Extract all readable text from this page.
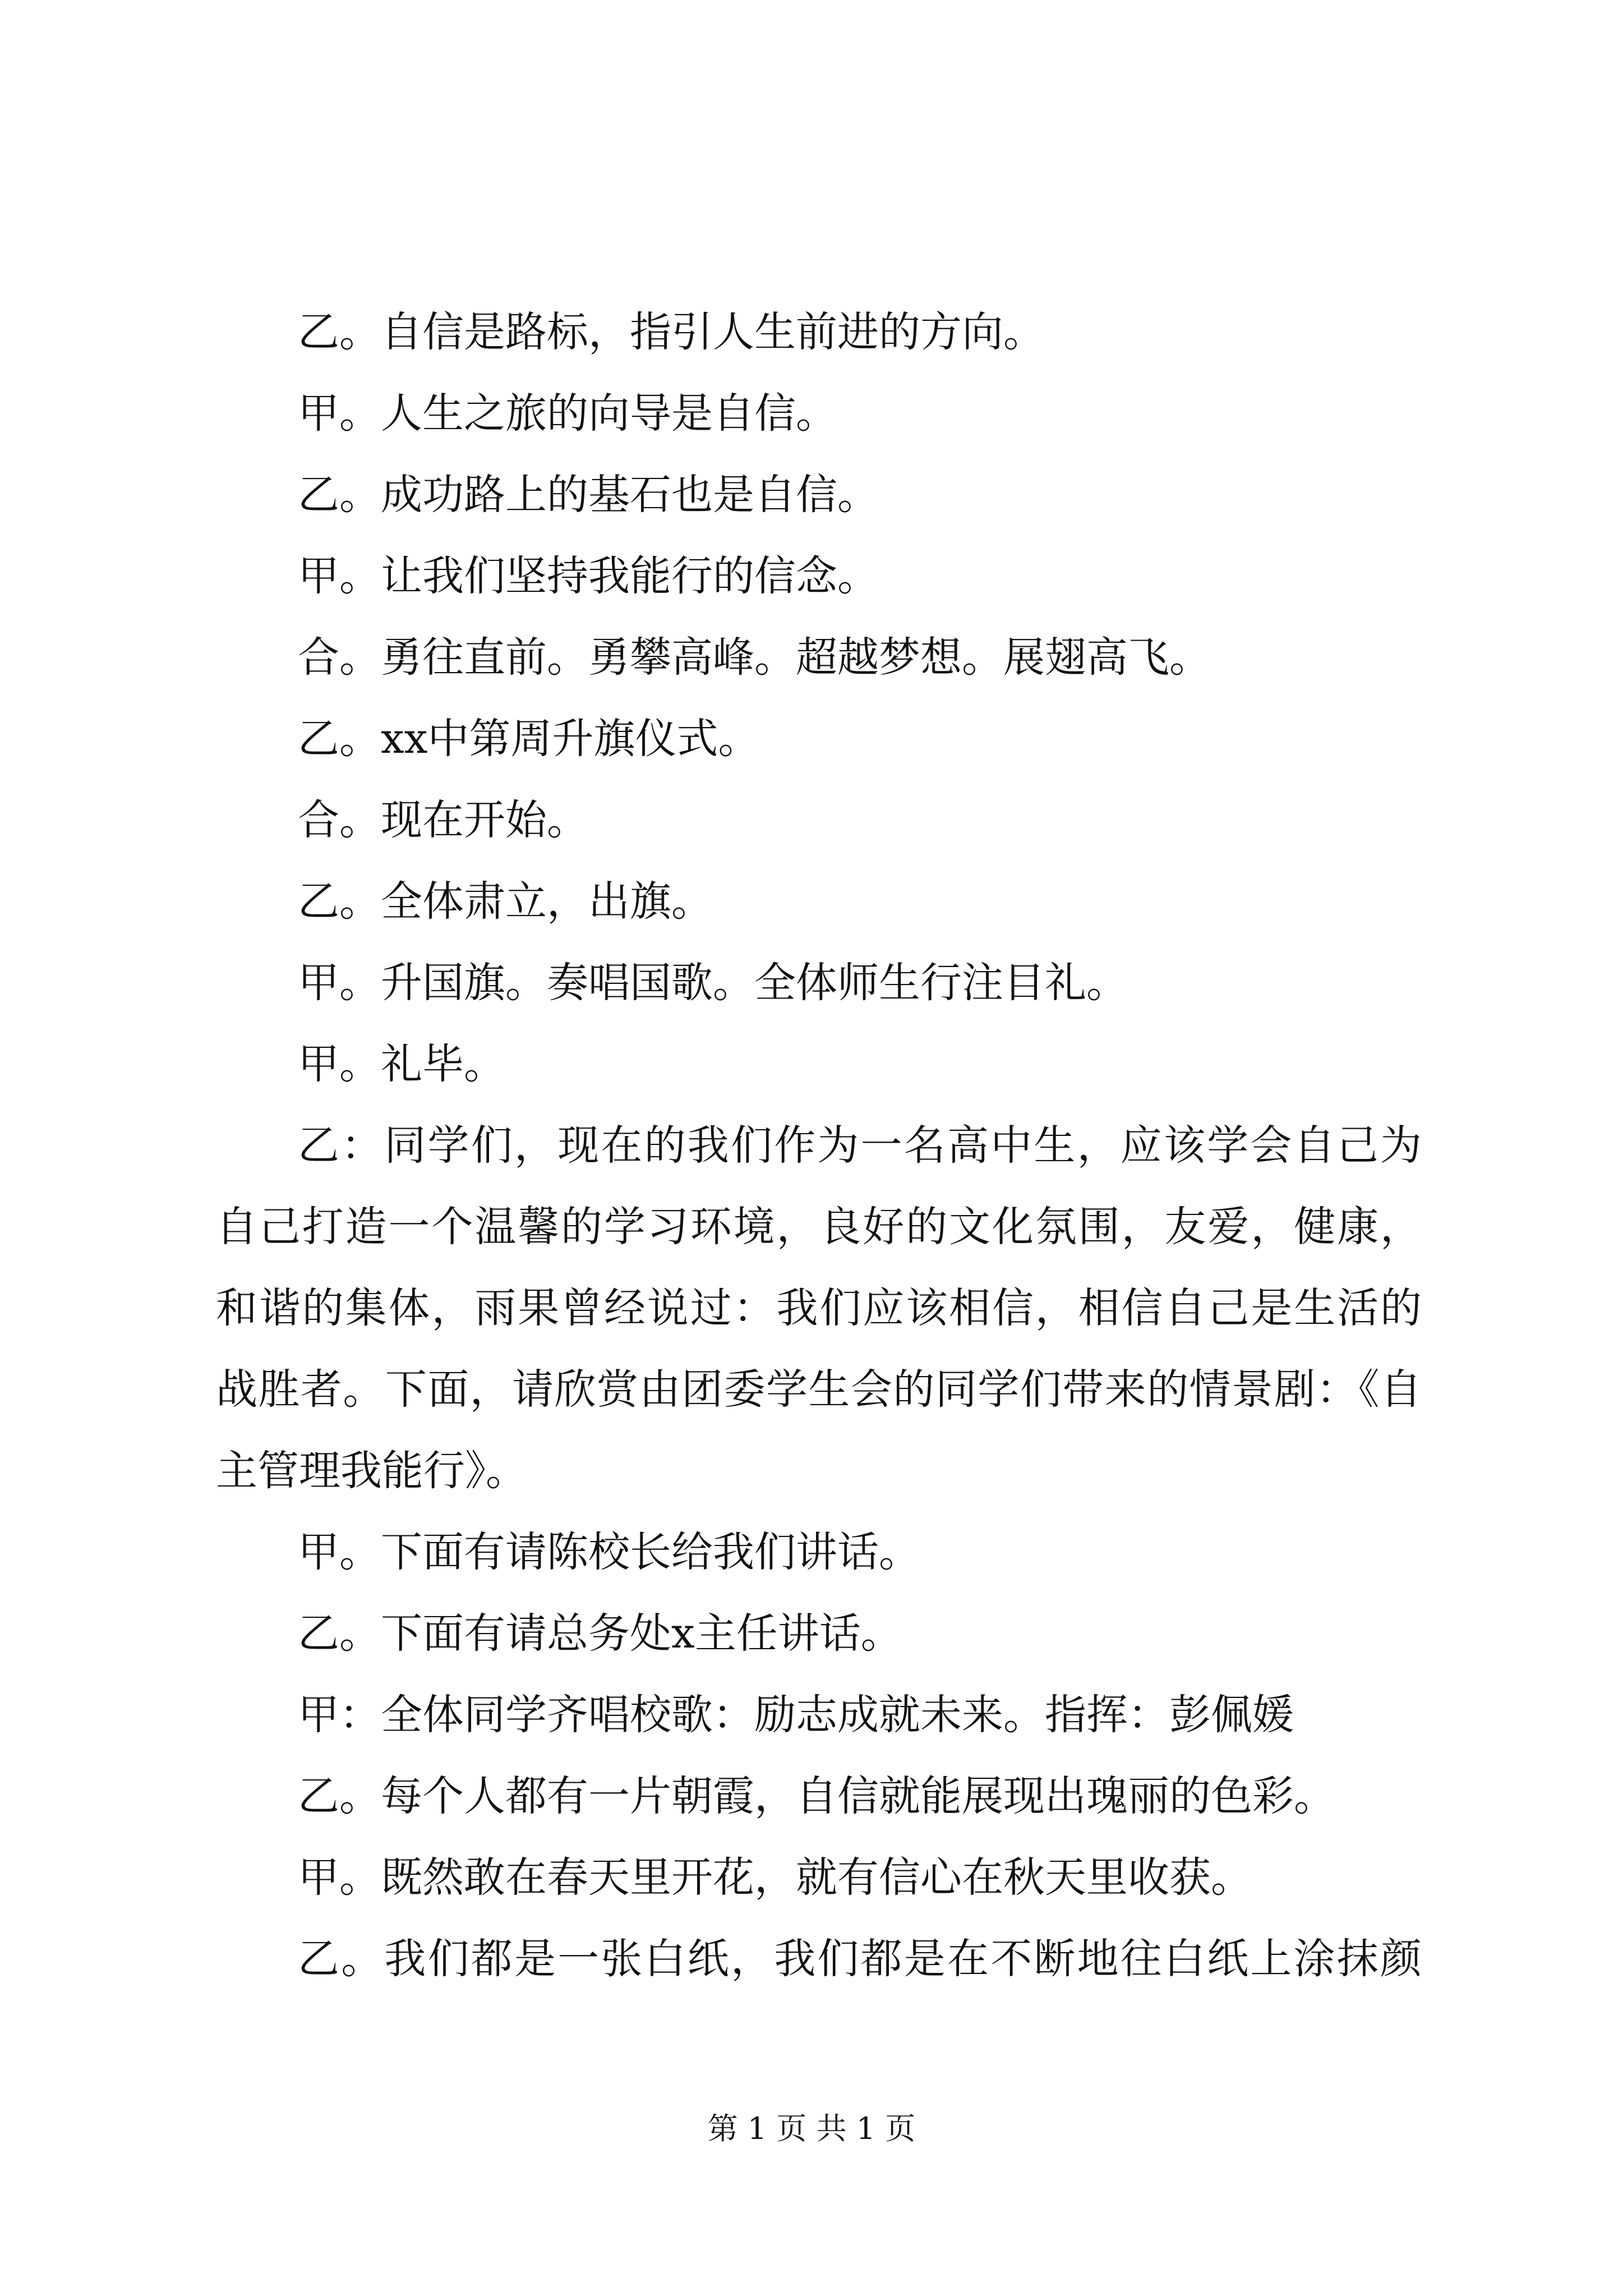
乙。自信是路标，指引人生前进的方向。
甲。人生之旅的向导是自信。
乙。成功路上的基石也是自信。
甲。让我们坚持我能行的信念。
合。勇往直前。勇攀高峰。超越梦想。展翅高飞。
乙。xx中第周升旗仪式。
合。现在开始。
乙。全体肃立，出旗。
甲。升国旗。奏唱国歌。全体师生行注目礼。
甲。礼毕。
乙：同学们，现在的我们作为一名高中生，应该学会自己为
自己打造一个温馨的学习环境，良好的文化氛围，友爱，健康，
和谐的集体，雨果曾经说过：我们应该相信，相信自己是生活的
战胜者。下面，请欣赏由团委学生会的同学们带来的情景剧：《自
主管理我能行》。
甲。下面有请陈校长给我们讲话。
乙。下面有请总务处x主任讲话。
甲：全体同学齐唱校歌：励志成就未来。指挥：彭佩媛
乙。每个人都有一片朝霞，自信就能展现出瑰丽的色彩。
甲。既然敢在春天里开花，就有信心在秋天里收获。
乙。我们都是一张白纸，我们都是在不断地往白纸上涂抹颜
第 1 页 共 1 页
